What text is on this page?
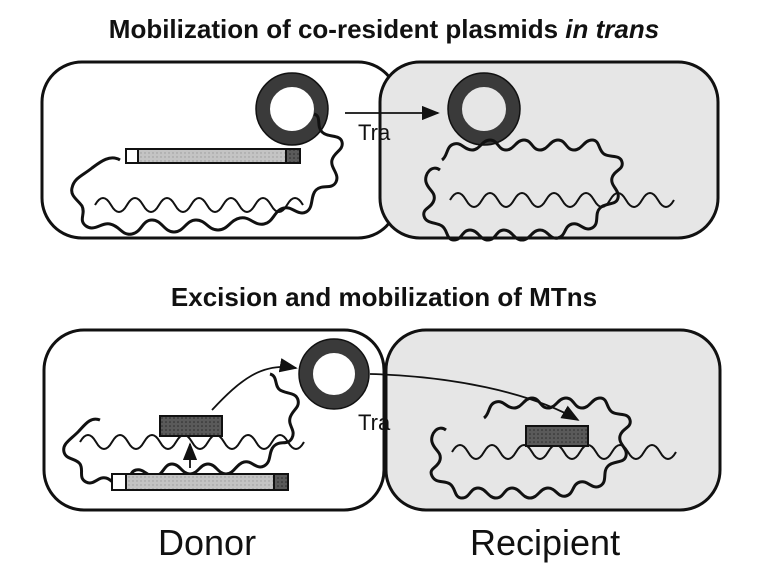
Mobilization of co-resident plasmids in trans
Excision and mobilization of MTns
Tra
Tra
Donor	Recipient
